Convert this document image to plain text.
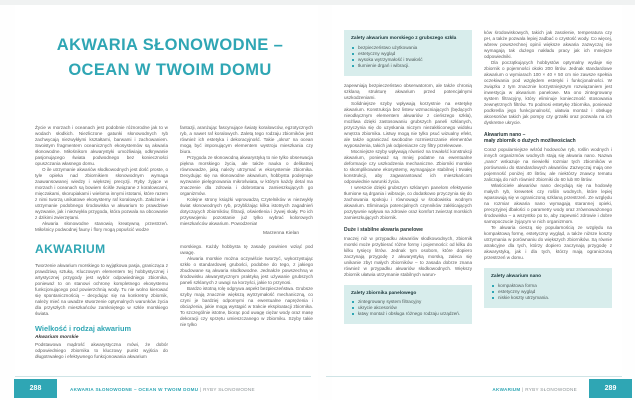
AKWARIA SŁONOWODNE –
OCEAN W TWOIM DOMU

Życie w morzach i oceanach jest podobnie różnorodne jak to w wodach słodkich. Niezliczone gatunki słonowodnych ryb zachwycają niezwykłymi kształtami, barwami i zachowaniem. Swoistym fragmentem oceanicznych ekosystemów są akwaria słonowodne. Miłośnikom akwarystyki umożliwiają odkrywanie pasjonującego świata podwodnego bez konieczności opuszczania własnego domu.

O ile utrzymanie akwariów słodkowodnych jest dość proste, o tyle opieka nad zbiornikiem słonowodnym wymaga zaawansowanej wiedzy i większej precyzji. Ryby żyjące w morzach i oceanach są bowiem ściśle związane z koralowcami, mięczakami, skorupiakami i wieloma innymi istotami, które razem z nimi tworzą unikatowe ekosystemy raf koralowych. Założenie i utrzymanie podobnego środowiska w akwarium to prawdziwe wyzwanie, jak i niezwykła przygoda, która pozwala na obcowanie z dzikimi zwierzętami.

Akwaria słonowodne stanowią kreatywną przestrzeń. Miłośnicy podwodnej fauny i flory mogą popuścić wodze

AKWARIUM

Tworzenie akwarium morskiego to wyjątkowa pasja, granicząca z prawdziwą sztuką. Kluczowym elementem tej hobbystycznej i artystycznej przygody jest wybór odpowiedniego zbiornika, ponieważ to on stanowi ochronę kompletnego ekosystemu funkcjonującego pod powierzchnią wody. Tu nie wolno kierować się spontanicznością – decydując się na konkretny zbiornik, należy mieć na uwadze stworzenie optymalnych warunków życia dla przyszłych mieszkańców zamkniętego w szkle morskiego świata.

Wielkość i rodzaj akwarium
Akwarium morskie

Podstawowa mądrość akwarystyczna mówi, że dobór odpowiedniego zbiornika to kluczowy punkt wyjścia do długotrwałego i efektywnego funkcjonowania akwarium

fantazji, aranżując fascynujące światy koralowców, egzotycznych ryb, a nawet raf koralowych. Zaletą tego rodzaju zbiorników jest również ich estetyka i dekoracyjność. Takie „okna” na ocean mogą być imponującym elementem wystroju mieszkania czy biura.

Przygoda ze słonowodną akwarystyką to nie tylko obserwacja piękna morskiego życia, ale także nauka o delikatnej równowadze, jaką należy utrzymać w ekosystemie zbiornika. Decydując się na słonowodne akwarium, hobbysta podejmuje wyzwanie pielęgnowania mikroświata, w którym każdy detal ma znaczenie dla zdrowia i dobrostanu zamieszkujących go organizmów.

Kolejne strony książki wprowadzą Czytelników w niezwykły świat słonowodnych ryb, przybliżając kilka istotnych zagadnień dotyczących zbiorników, filtracji, oświetlenia i żywej skały. Po ich przyswojeniu pozostanie już tylko wybrać kolorowych mieszkańców akwarium. Powodzenia!

Marzenna Kielan

morskiego. Każdy hobbysta tę zasadę powinien wziąć pod uwagę.

Akwaria morskie można oczywiście tworzyć, wykorzystując szkło o standardowej grubości, podobne do tego, z jakiego zbudowane są akwaria słodkowodne. Jednakże powszechną w środowisku akwarystycznym praktyką jest używanie grubszych paneli szklanych z uwagi na korzyści, jakie to przynosi.

Bardzo istotną rolę odgrywa aspekt bezpieczeństwa. Grubsze szyby mają znacznie większą wytrzymałość mechaniczną, co czyni je bardziej odpornymi na ewentualne naprężenia i obciążenia, jakie mogą wystąpić w trakcie eksploatacji zbiornika. To szczególnie istotne, biorąc pod uwagę ciężar wody oraz masę dekoracji czy sprzętu umieszczanego w zbiorniku. Szyby takie nie tylko

288	AKWARIA SŁONOWODNE – OCEAN W TWOIM DOMU | RYBY SŁONOWODNE
Zalety akwarium morskiego z grubszego szkła
bezpieczeństwo użytkowania
estetyczny wygląd
wysoka wytrzymałość i trwałość
tłumienie drgań i wibracji.

zapewniają bezpieczeństwo obserwatorom, ale także chronią szklaną strukturę akwarium przed potencjalnymi uszkodzeniami.

Solidniejsze szyby wpływają korzystnie na estetykę akwarium. Konstrukcja bez listew wzmacniających (będących nieodłącznym elementem akwariów z cieńszego szkła), możliwa dzięki zastosowaniu grubszych paneli szklanych, przyczynia się do uzyskania niczym niezakłóconego widoku wnętrza zbiornika. Listwy mogą nie tylko psuć wizualny efekt, ale także ograniczać swobodne rozmieszczanie elementów wyposażenia, takich jak odpieniacze czy filtry przelewowe.

Mocniejsze szyby wpływają również na trwałość konstrukcji akwarium, ponieważ są mniej podatne na ewentualne deformacje czy uszkodzenia mechaniczne. Zbiorniki morskie to skomplikowane ekosystemy, wymagające stabilnej i trwałej konstrukcji, aby zagwarantować ich mieszkańcom odpowiednie warunki życia.

I wreszcie dzięki grubszym szklanym panelom efektywnie tłumione są drgania i wibracje, co dodatkowo przyczynia się do zachowania spokoju i równowagi w środowisku wodnym akwarium. Eliminacja potencjalnych czynników zakłócających pozytywnie wpływa na zdrowie oraz komfort zwierząt morskich zamieszkujących zbiornik.

Duże i stabilne akwaria panelowe

Inaczej niż w przypadku akwariów słodkowodnych, zbiornik morski może przybierać różne formy i pojemności: od kilku do kilku tysięcy litrów. Jednak tym osobom, które dopiero zaczynają przygodę z akwarystyką morską, zaleca się unikanie zbyt małych zbiorników – to zasada dobrze znana również w przypadku akwariów słodkowodnych. Większy zbiornik ułatwia utrzymanie stabilnych warun-

Zalety zbiornika panelowego
zintegrowany system filtracyjny
ukrycie akcesoriów
łatwy montaż i obsługa różnego rodzaju urządzeń.

ków środowiskowych, takich jak zasolenie, temperatura czy pH, a także pozwala lepiej zadbać o czystość wody. Co więcej, wbrew powszechnej opinii większe akwaria zazwyczaj nie wymagają tak dużego nakładu pracy jak ich mniejsze odpowiedniki.

Dla początkujących hobbystów optymalny wydaje się zbiornik o pojemności około 200 litrów. Jednak standardowe akwarium o wymiarach 100 × 40 × 50 cm nie zawsze spełnia oczekiwania pod względem estetyki i funkcjonalności. W związku z tym znacznie korzystniejszym rozwiązaniem jest inwestycja w akwarium panelowe. Ma ono zintegrowany system filtracyjny, który eliminuje konieczność stosowania zewnętrznych filtrów. To podnosi estetykę zbiornika, ponieważ podkreśla jego funkcjonalność, ułatwia montaż i obsługę akcesoriów takich jak pompy czy grzałki oraz pozwala na ich dyskretne ukrycie.

Akwarium nano –
mały zbiornik o dużych możliwościach

Coraz popularniejsze wśród hodowców ryb, roślin wodnych i innych organizmów wodnych stają się akwaria nano. Nazwa „nano” wskazuje na niewielki rozmiar tych zbiorników w porównaniu do standardowych akwariów. Zazwyczaj mają one pojemność poniżej 40 litrów, ale niektórzy znawcy tematu zaliczają do nich również zbiorniki do 60 lub 80 litrów.

Właściciele akwariów nano decydują się na hodowlę małych ryb, krewetek czy roślin wodnych, które lepiej wpasowują się w ograniczoną szklaną przestrzeń. Ze względu na rozmiar akwaria nano wymagają starannej opieki, precyzyjnej dbałości o parametry wody oraz zrównoważonego środowiska – a wszystko po to, aby zapewnić zdrowie i dobre samopoczucie żyjącym w nich organizmom.

Te akwaria cieszą się popularnością ze względu na kompaktową formę, estetyczny wygląd, a także niższe koszty utrzymania w porównaniu do większych zbiorników. Są równie atrakcyjne dla tych, którzy dopiero zaczynają przygodę z akwarystyką, jak i dla tych, którzy mają ograniczoną przestrzeń w domu.

Zalety akwarium nano
kompaktowa forma
estetyczny wygląd
niskie koszty utrzymania.
AKWARIUM | RYBY SŁONOWODNE	289
